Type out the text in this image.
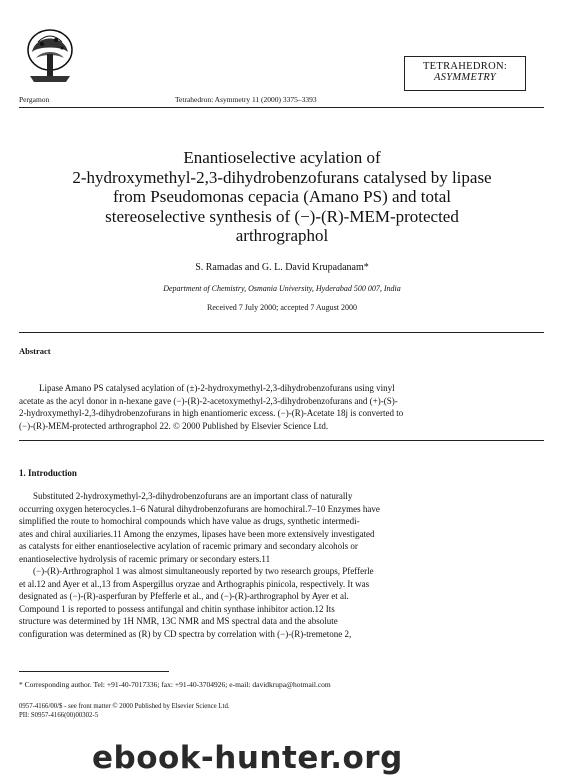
Pergamon	Tetrahedron: Asymmetry 11 (2000) 3375–3393
TETRAHEDRON:
ASYMMETRY
Enantioselective acylation of
2-hydroxymethyl-2,3-dihydrobenzofurans catalysed by lipase
from Pseudomonas cepacia (Amano PS) and total
stereoselective synthesis of (−)-(R)-MEM-protected
arthrographol
S. Ramadas and G. L. David Krupadanam*
Department of Chemistry, Osmania University, Hyderabad 500 007, India
Received 7 July 2000; accepted 7 August 2000
Abstract
Lipase Amano PS catalysed acylation of (±)-2-hydroxymethyl-2,3-dihydrobenzofurans using vinyl
acetate as the acyl donor in n-hexane gave (−)-(R)-2-acetoxymethyl-2,3-dihydrobenzofurans and (+)-(S)-
2-hydroxymethyl-2,3-dihydrobenzofurans in high enantiomeric excess. (−)-(R)-Acetate 18j is converted to
(−)-(R)-MEM-protected arthrographol 22. © 2000 Published by Elsevier Science Ltd.
1. Introduction
Substituted 2-hydroxymethyl-2,3-dihydrobenzofurans are an important class of naturally
occurring oxygen heterocycles.1–6 Natural dihydrobenzofurans are homochiral.7–10 Enzymes have
simplified the route to homochiral compounds which have value as drugs, synthetic intermedi-
ates and chiral auxiliaries.11 Among the enzymes, lipases have been more extensively investigated
as catalysts for either enantioselective acylation of racemic primary and secondary alcohols or
enantioselective hydrolysis of racemic primary or secondary esters.11
(−)-(R)-Arthrographol 1 was almost simultaneously reported by two research groups, Pfefferle
et al.12 and Ayer et al.,13 from Aspergillus oryzae and Arthographis pinicola, respectively. It was
designated as (−)-(R)-asperfuran by Pfefferle et al., and (−)-(R)-arthrographol by Ayer et al.
Compound 1 is reported to possess antifungal and chitin synthase inhibitor action.12 Its
structure was determined by 1H NMR, 13C NMR and MS spectral data and the absolute
configuration was determined as (R) by CD spectra by correlation with (−)-(R)-tremetone 2,
* Corresponding author. Tel: +91-40-7017336; fax: +91-40-3704926; e-mail: davidkrupa@hotmail.com
0957-4166/00/$ - see front matter © 2000 Published by Elsevier Science Ltd.
PII: S0957-4166(00)00302-5
ebook-hunter.org
